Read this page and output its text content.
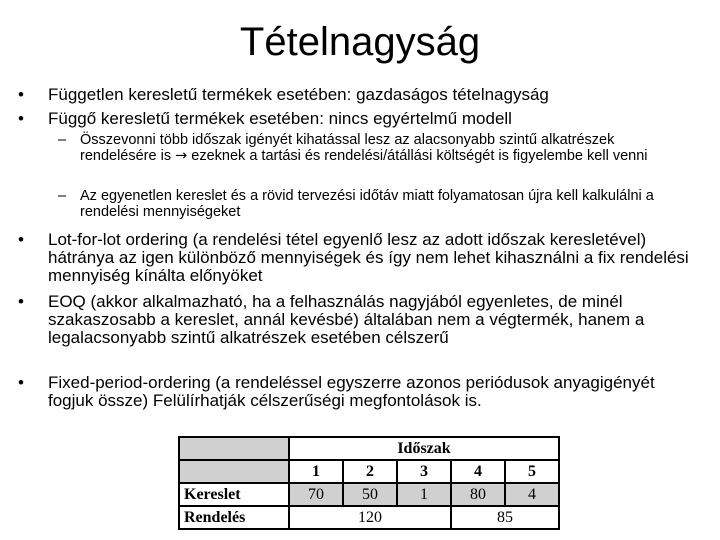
Tételnagyság
• Független keresletű termékek esetében: gazdaságos tételnagyság
• Függő keresletű termékek esetében: nincs egyértelmű modell
– Összevonni több időszak igényét kihatással lesz az alacsonyabb szintű alkatrészek rendelésére is → ezeknek a tartási és rendelési/átállási költségét is figyelembe kell venni
– Az egyenetlen kereslet és a rövid tervezési időtáv miatt folyamatosan újra kell kalkulálni a rendelési mennyiségeket
• Lot-for-lot ordering (a rendelési tétel egyenlő lesz az adott időszak keresletével) hátránya az igen különböző mennyiségek és így nem lehet kihasználni a fix rendelési mennyiség kínálta előnyöket
• EOQ (akkor alkalmazható, ha a felhasználás nagyjából egyenletes, de minél szakaszosabb a kereslet, annál kevésbé) általában nem a végtermék, hanem a legalacsonyabb szintű alkatrészek esetében célszerű
• Fixed-period-ordering (a rendeléssel egyszerre azonos periódusok anyagigényét fogjuk össze) Felülírhatják célszerűségi megfontolások is.
	Időszak				
	1	2	3	4	5
Kereslet	70	50	1	80	4
Rendelés	120			85	
